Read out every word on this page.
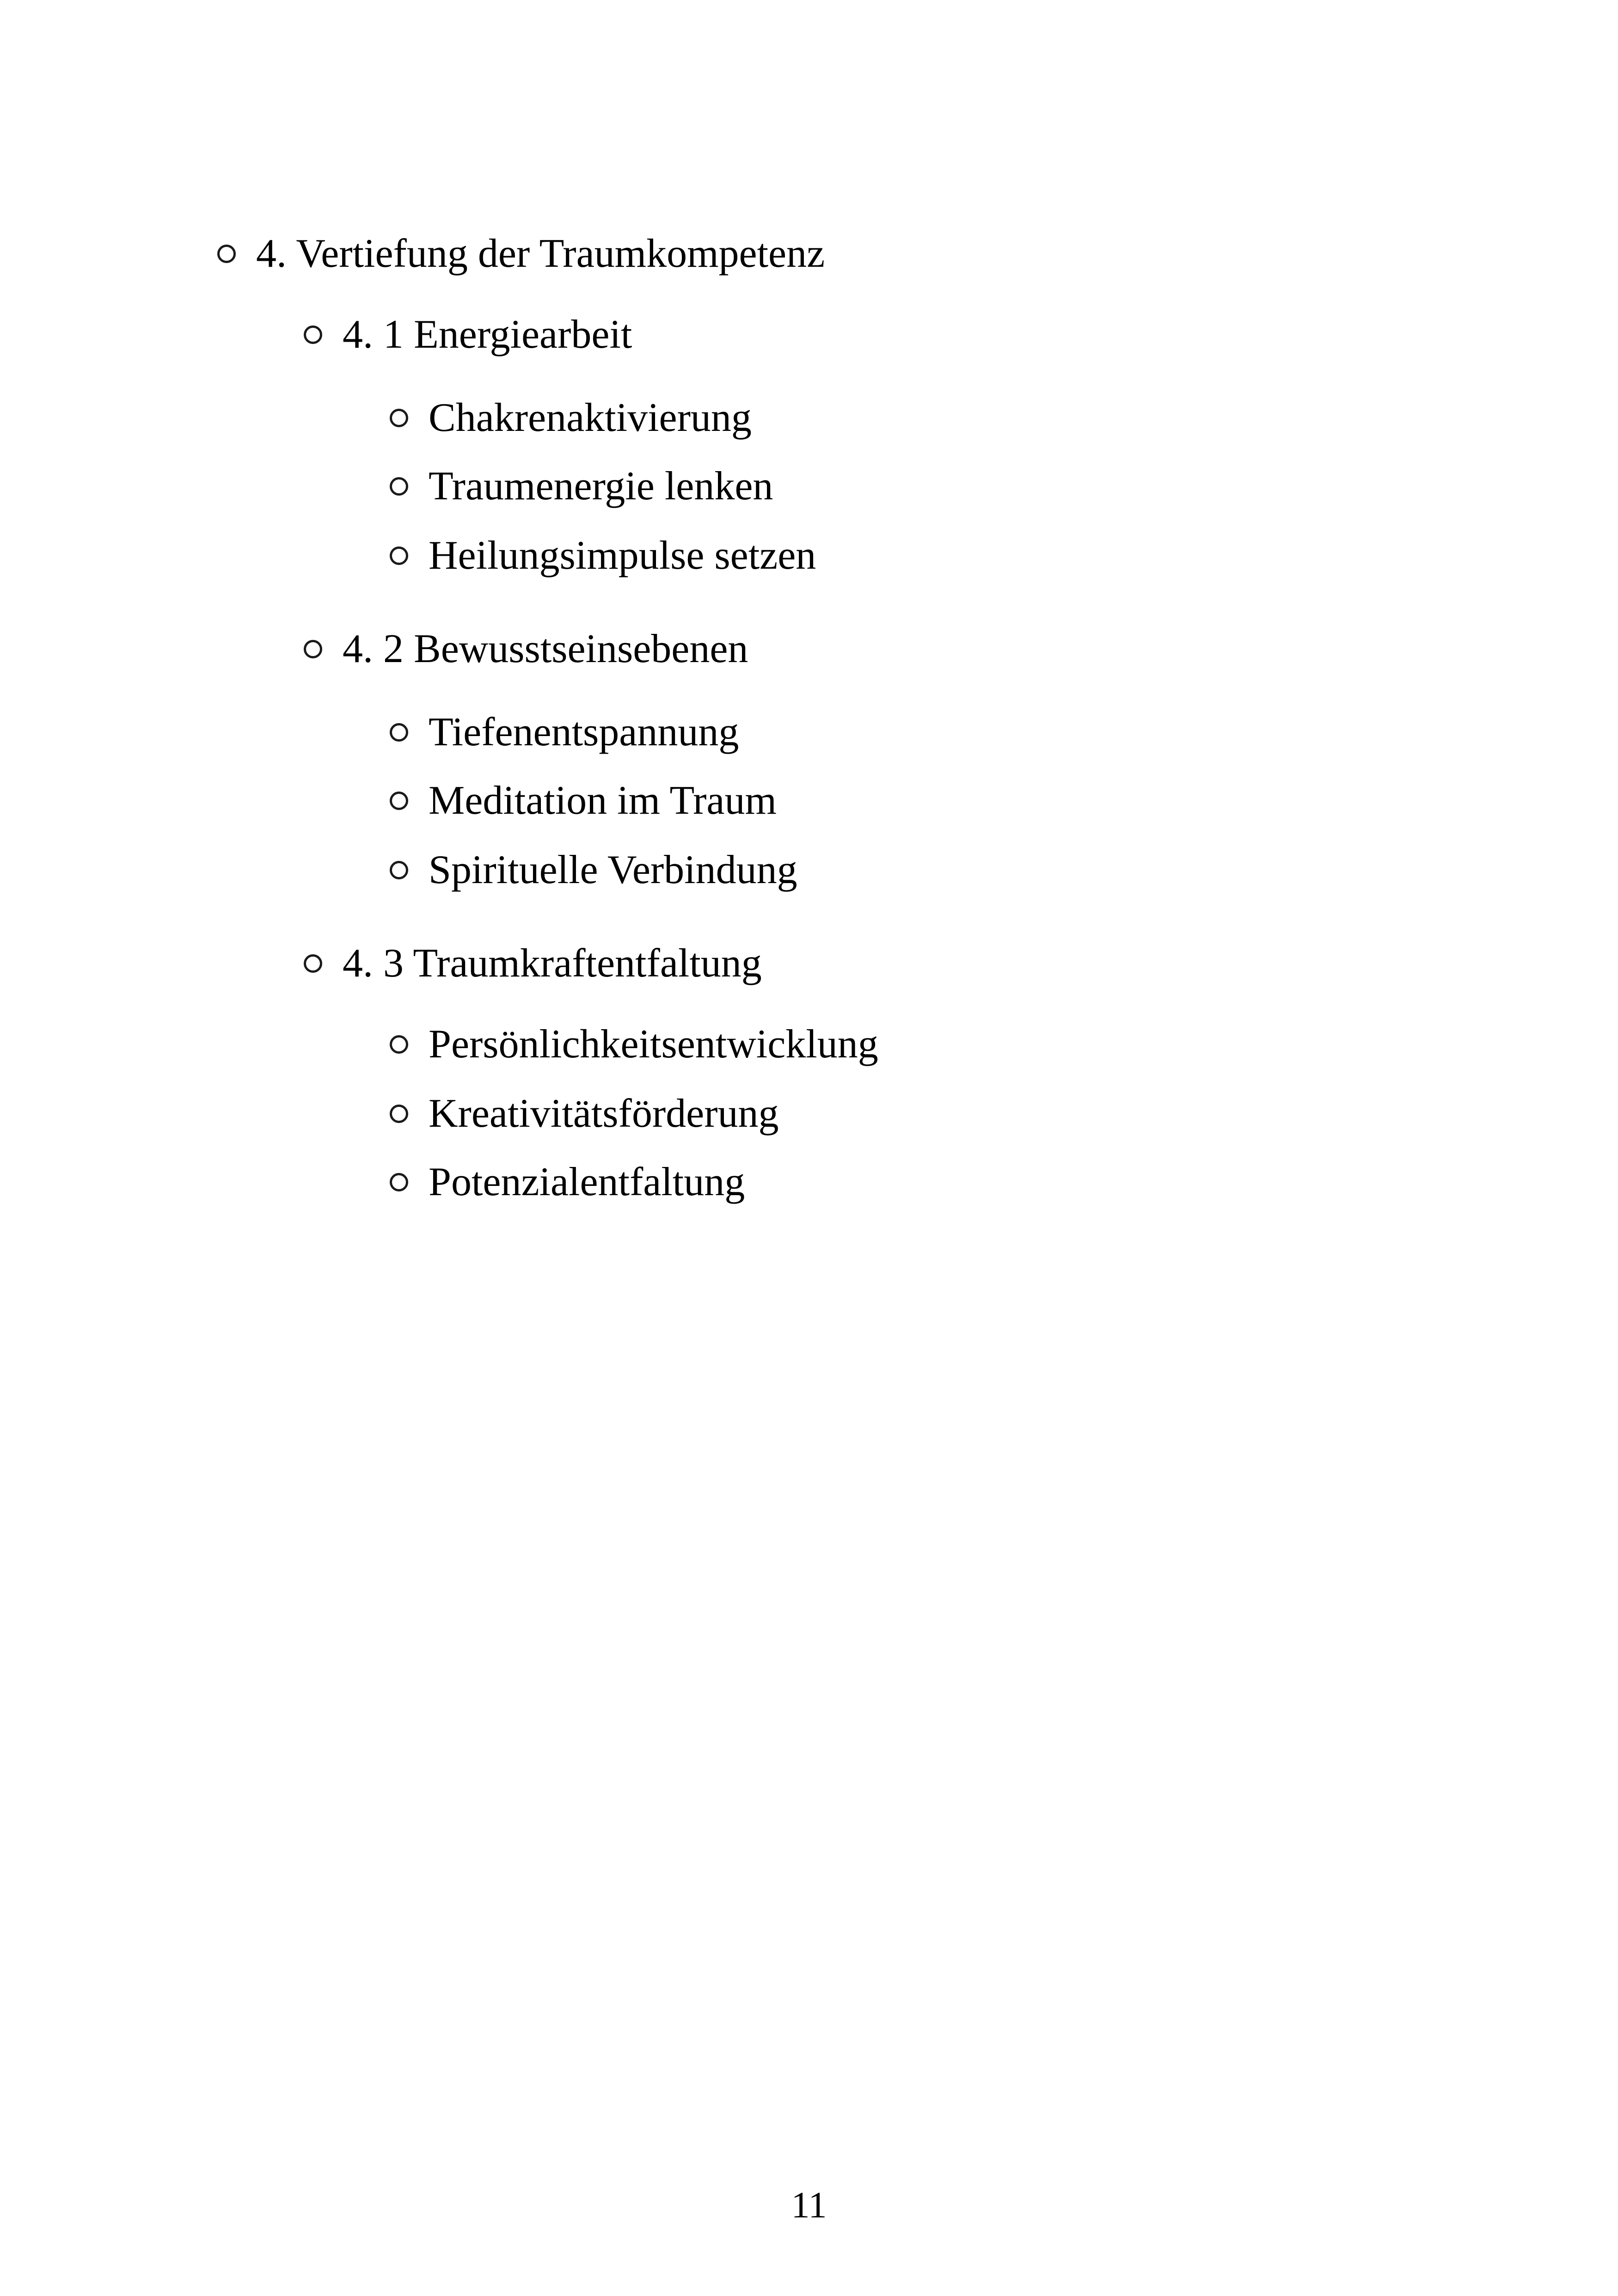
4. Vertiefung der Traumkompetenz
4. 1 Energiearbeit
Chakrenaktivierung
Traumenergie lenken
Heilungsimpulse setzen
4. 2 Bewusstseinsebenen
Tiefenentspannung
Meditation im Traum
Spirituelle Verbindung
4. 3 Traumkraftentfaltung
Persönlichkeitsentwicklung
Kreativitätsförderung
Potenzialentfaltung
11
